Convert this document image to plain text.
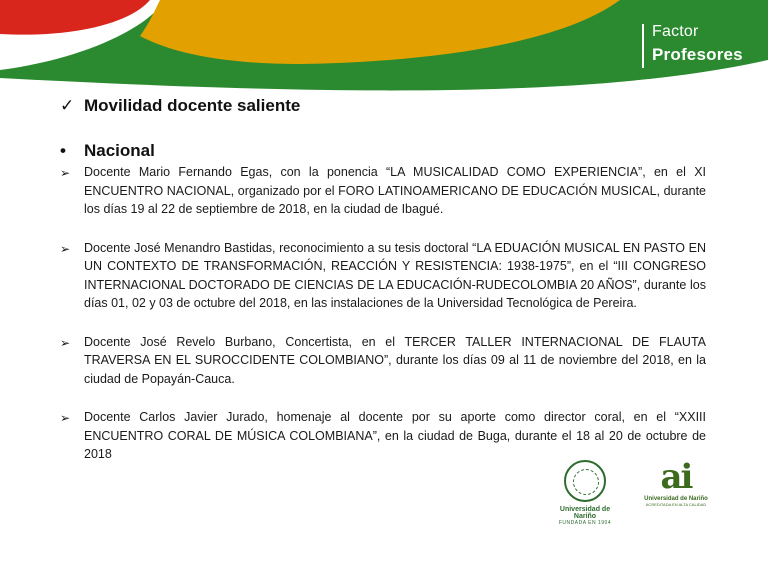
Factor
Profesores
✓ Movilidad docente saliente
•	Nacional
➢	Docente Mario Fernando Egas, con la ponencia “LA MUSICALIDAD COMO EXPERIENCIA”, en el XI ENCUENTRO NACIONAL, organizado por el FORO LATINOAMERICANO DE EDUCACIÓN MUSICAL, durante los días 19 al 22 de septiembre de 2018, en la ciudad de Ibagué.
➢	Docente José Menandro Bastidas, reconocimiento a su tesis doctoral “LA EDUACIÓN MUSICAL EN PASTO EN UN CONTEXTO DE TRANSFORMACIÓN, REACCIÓN Y RESISTENCIA: 1938-1975”, en el “III CONGRESO INTERNACIONAL DOCTORADO DE CIENCIAS DE LA EDUCACIÓN-RUDECOLOMBIA 20 AÑOS”, durante los días 01, 02 y 03 de octubre del 2018, en las instalaciones de la Universidad Tecnológica de Pereira.
➢	Docente José Revelo Burbano, Concertista, en el TERCER TALLER INTERNACIONAL DE FLAUTA TRAVERSA EN EL SUROCCIDENTE COLOMBIANO”, durante los días 09 al 11 de noviembre del 2018, en la ciudad de Popayán-Cauca.
➢	Docente Carlos Javier Jurado, homenaje al docente por su aporte como director coral, en el “XXIII ENCUENTRO CORAL DE MÚSICA COLOMBIANA”, en la ciudad de Buga, durante el 18 al 20 de octubre de 2018
Universidad de Nariño
FUNDADA EN 1904
ai
Universidad de Nariño
ACREDITADA EN ALTA CALIDAD
